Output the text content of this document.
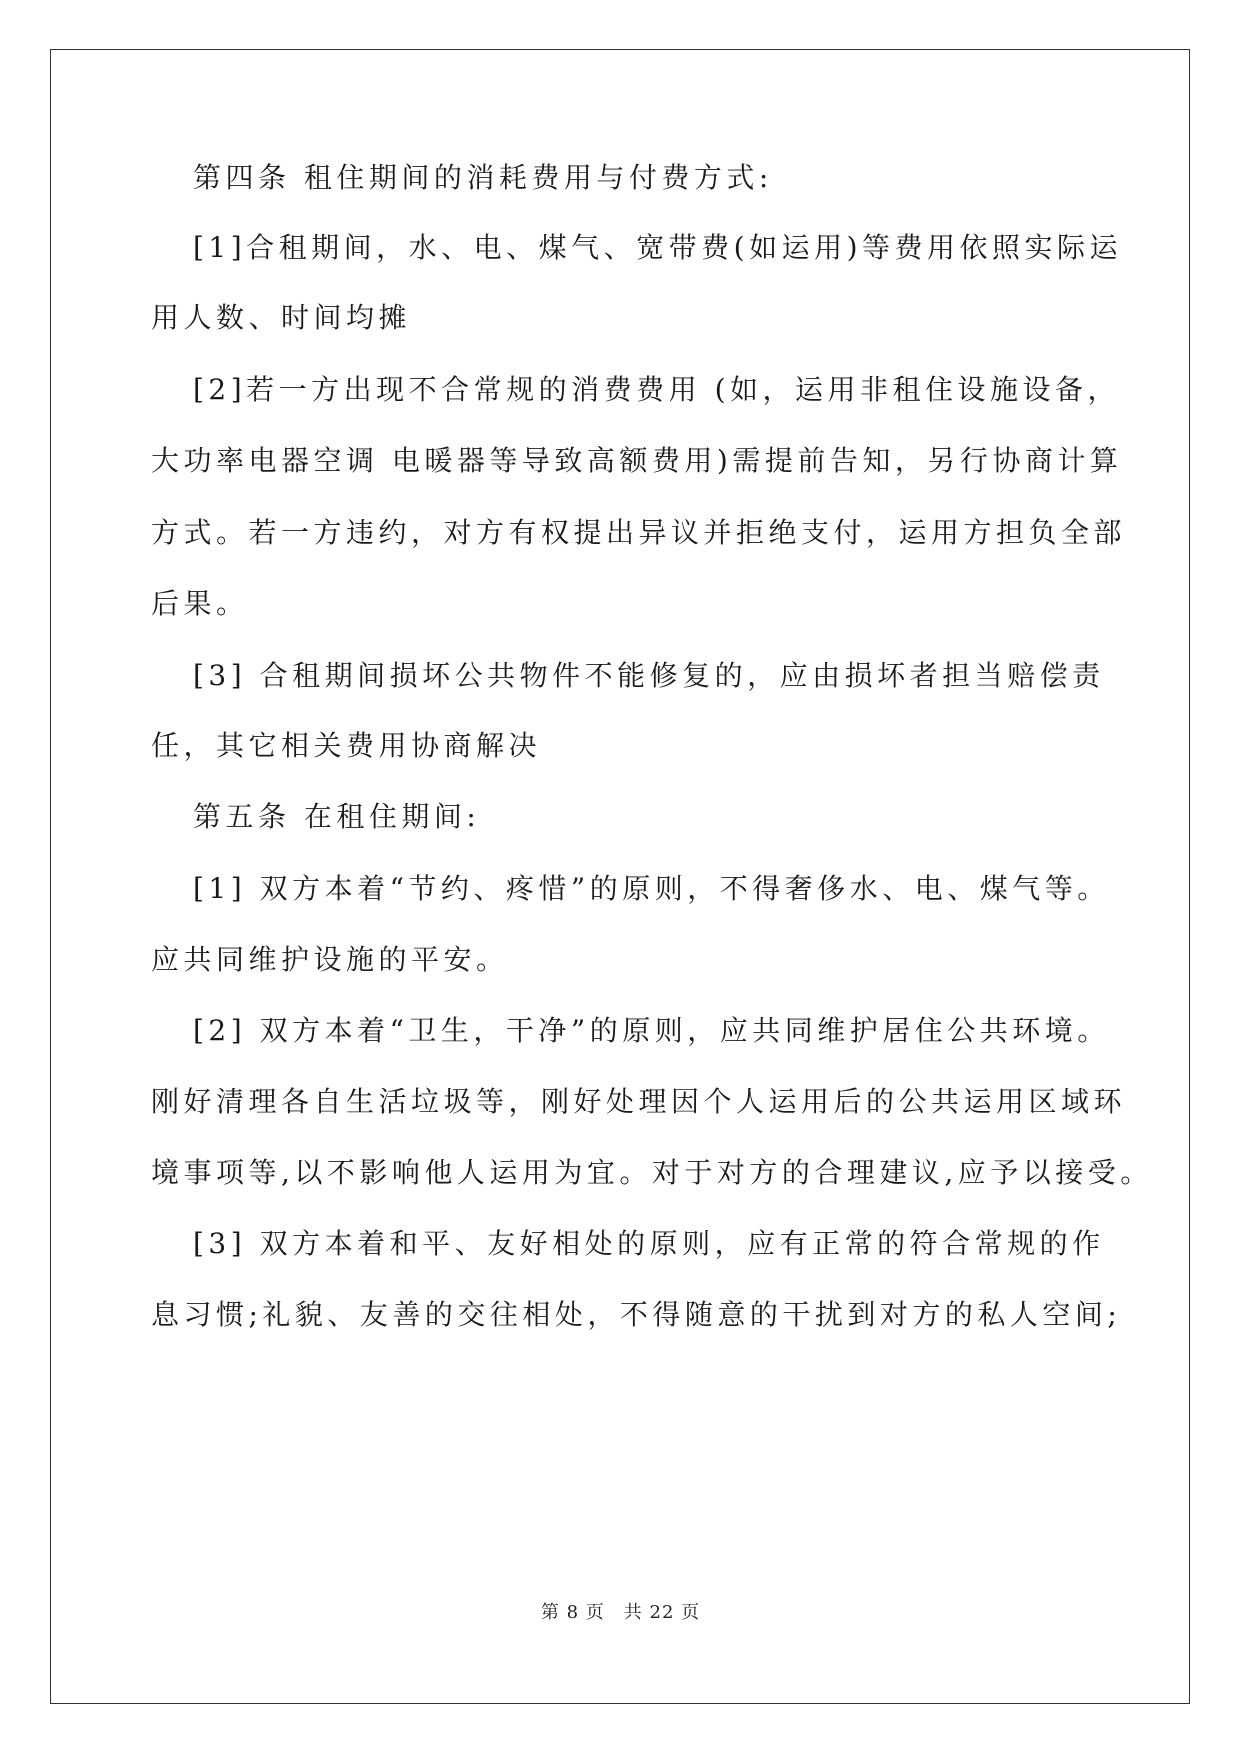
第四条 租住期间的消耗费用与付费方式:
[1]合租期间，水、电、煤气、宽带费(如运用)等费用依照实际运
用人数、时间均摊
[2]若一方出现不合常规的消费费用 (如，运用非租住设施设备，
大功率电器空调 电暖器等导致高额费用)需提前告知，另行协商计算
方式。若一方违约，对方有权提出异议并拒绝支付，运用方担负全部
后果。
[3] 合租期间损坏公共物件不能修复的，应由损坏者担当赔偿责
任，其它相关费用协商解决
第五条 在租住期间:
[1] 双方本着“节约、疼惜”的原则，不得奢侈水、电、煤气等。
应共同维护设施的平安。
[2] 双方本着“卫生，干净”的原则，应共同维护居住公共环境。
刚好清理各自生活垃圾等，刚好处理因个人运用后的公共运用区域环
境事项等,以不影响他人运用为宜。对于对方的合理建议,应予以接受。
[3] 双方本着和平、友好相处的原则，应有正常的符合常规的作
息习惯;礼貌、友善的交往相处，不得随意的干扰到对方的私人空间;
第 8 页　共 22 页
